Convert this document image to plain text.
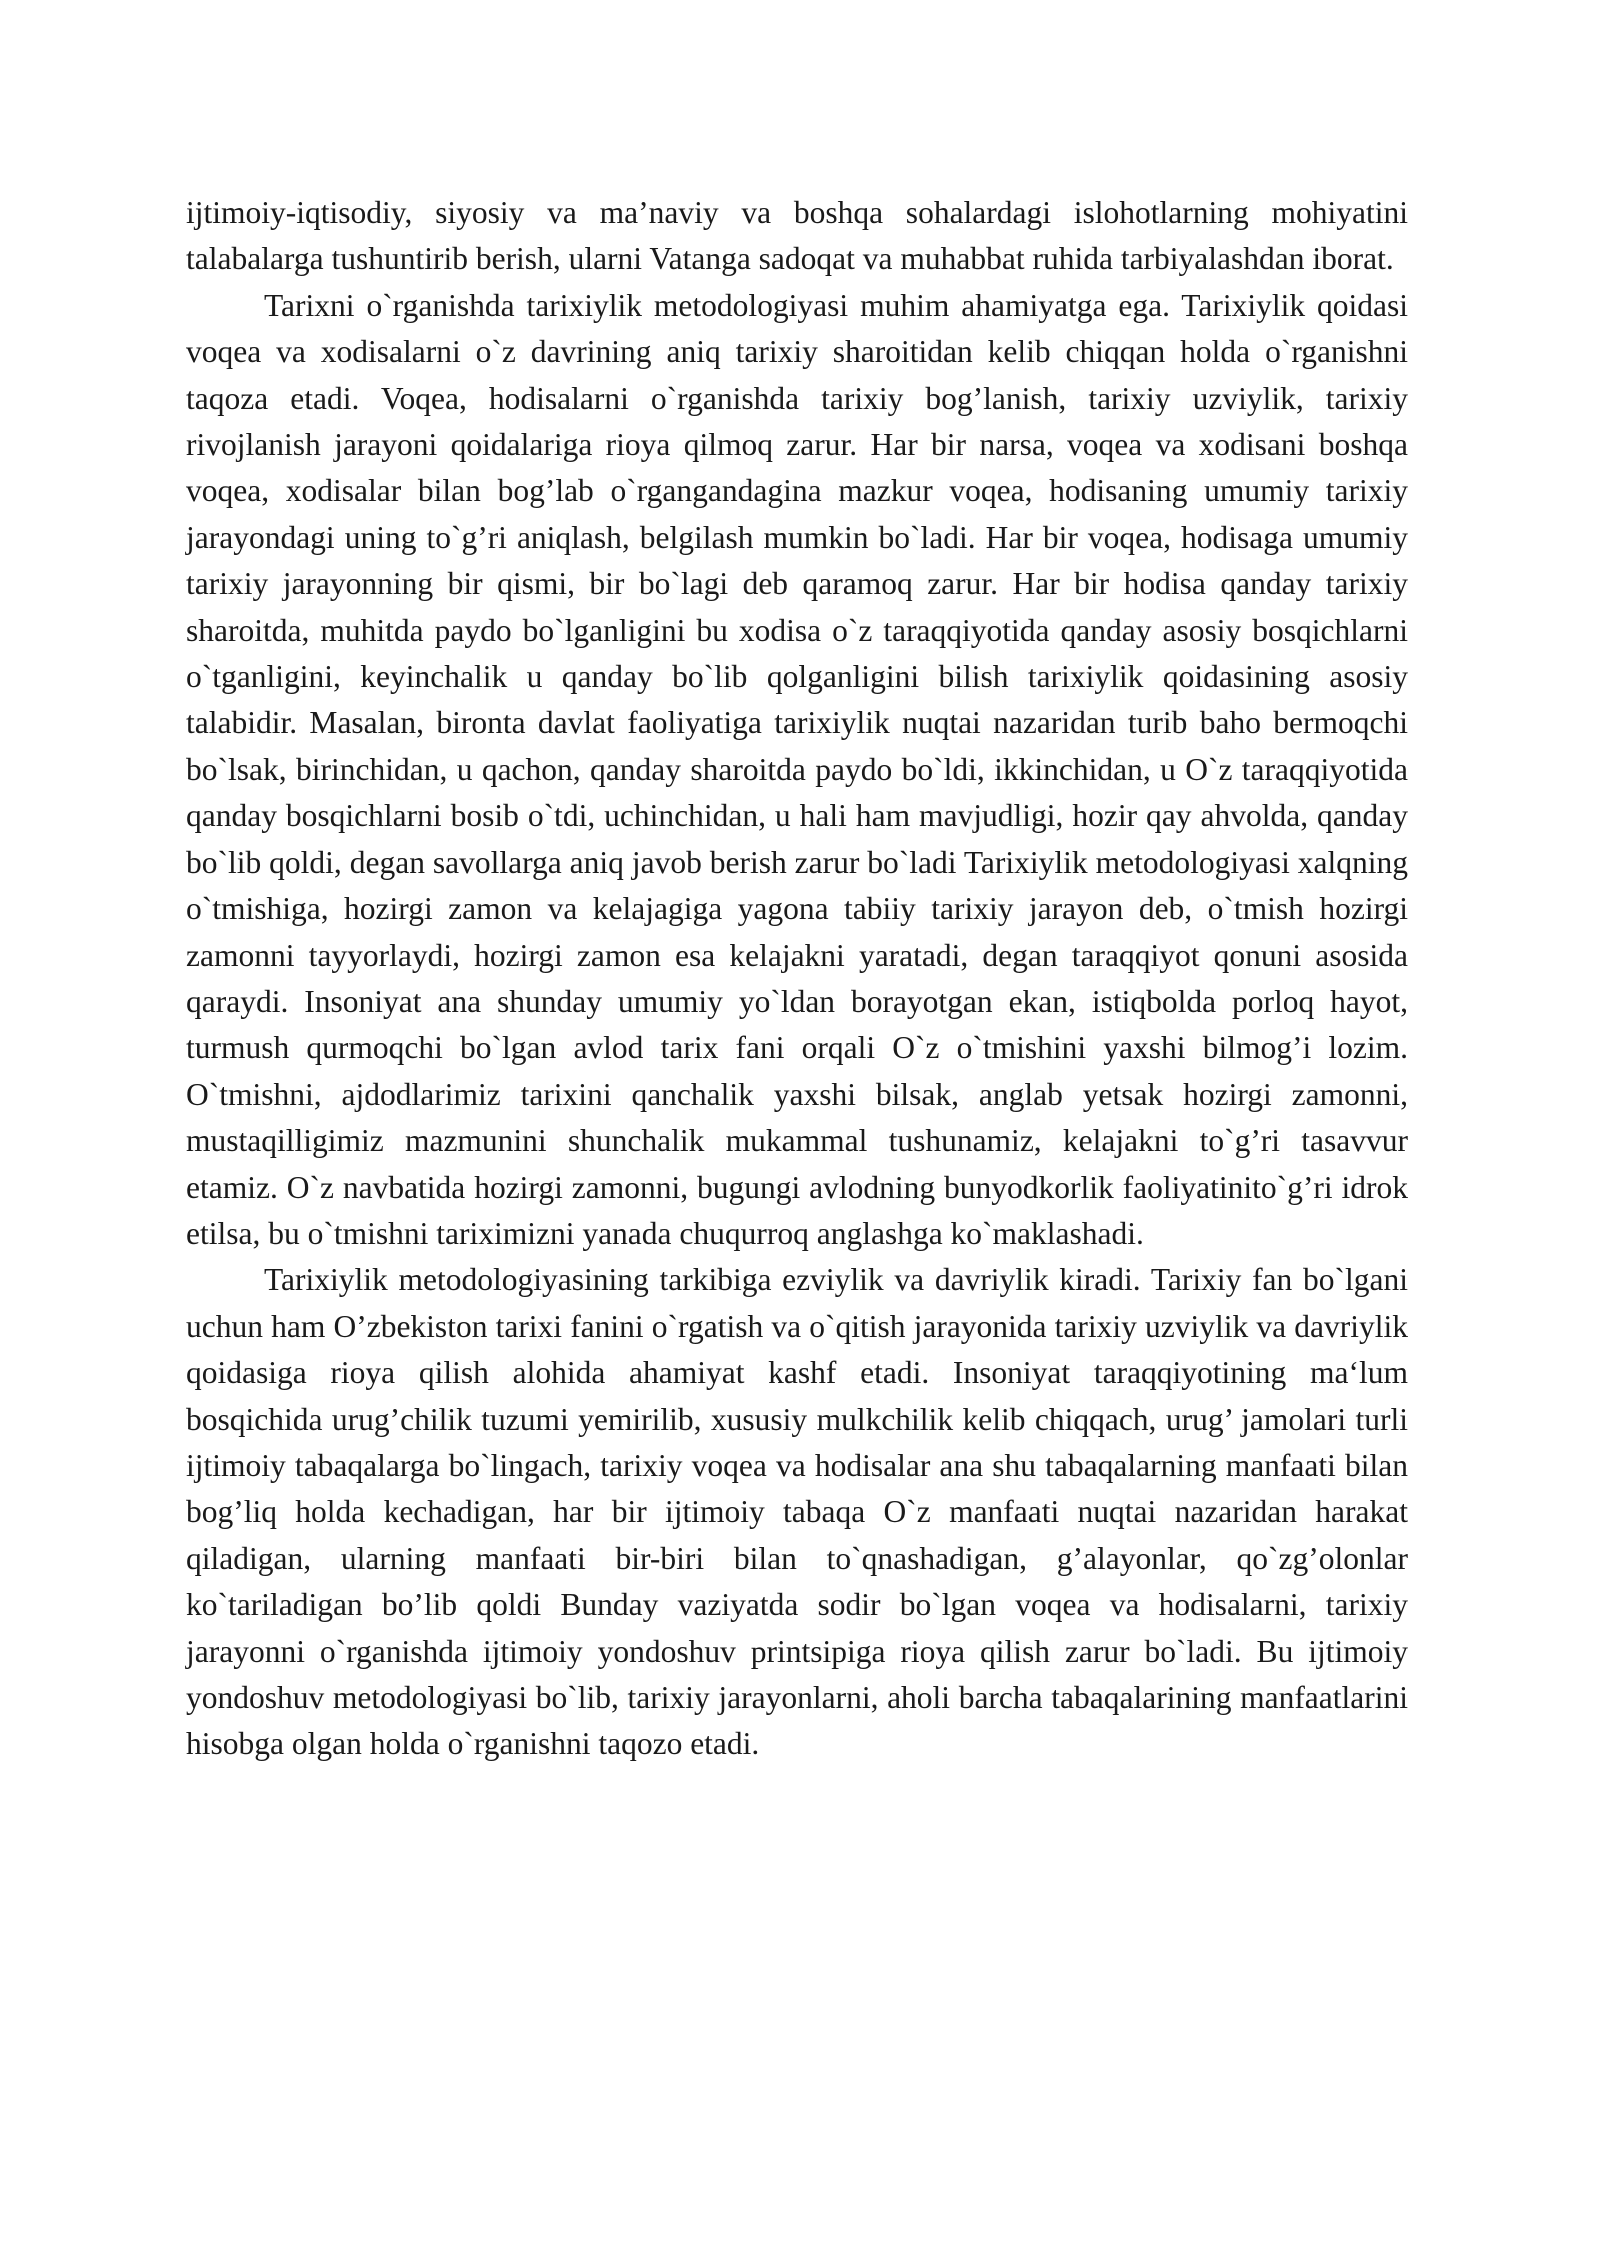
ijtimoiy-iqtisodiy, siyosiy va ma’naviy va boshqa sohalardagi islohotlarning mohiyatini talabalarga tushuntirib berish, ularni Vatanga sadoqat va muhabbat ruhida tarbiyalashdan iborat.

Tarixni o`rganishda tarixiylik metodologiyasi muhim ahamiyatga ega. Tarixiylik qoidasi voqea va xodisalarni o`z davrining aniq tarixiy sharoitidan kelib chiqqan holda o`rganishni taqoza etadi. Voqea, hodisalarni o`rganishda tarixiy bog’lanish, tarixiy uzviylik, tarixiy rivojlanish jarayoni qoidalariga rioya qilmoq zarur. Har bir narsa, voqea va xodisani boshqa voqea, xodisalar bilan bog’lab o`rgangandagina mazkur voqea, hodisaning umumiy tarixiy jarayondagi uning to`g’ri aniqlash, belgilash mumkin bo`ladi. Har bir voqea, hodisaga umumiy tarixiy jarayonning bir qismi, bir bo`lagi deb qaramoq zarur. Har bir hodisa qanday tarixiy sharoitda, muhitda paydo bo`lganligini bu xodisa o`z taraqqiyotida qanday asosiy bosqichlarni o`tganligini, keyinchalik u qanday bo`lib qolganligini bilish tarixiylik qoidasining asosiy talabidir. Masalan, bironta davlat faoliyatiga tarixiylik nuqtai nazaridan turib baho bermoqchi bo`lsak, birinchidan, u qachon, qanday sharoitda paydo bo`ldi, ikkinchidan, u O`z taraqqiyotida qanday bosqichlarni bosib o`tdi, uchinchidan, u hali ham mavjudligi, hozir qay ahvolda, qanday bo`lib qoldi, degan savollarga aniq javob berish zarur bo`ladi Tarixiylik metodologiyasi xalqning o`tmishiga, hozirgi zamon va kelajagiga yagona tabiiy tarixiy jarayon deb, o`tmish hozirgi zamonni tayyorlaydi, hozirgi zamon esa kelajakni yaratadi, degan taraqqiyot qonuni asosida qaraydi. Insoniyat ana shunday umumiy yo`ldan borayotgan ekan, istiqbolda porloq hayot, turmush qurmoqchi bo`lgan avlod tarix fani orqali O`z o`tmishini yaxshi bilmog’i lozim. O`tmishni, ajdodlarimiz tarixini qanchalik yaxshi bilsak, anglab yetsak hozirgi zamonni, mustaqilligimiz mazmunini shunchalik mukammal tushunamiz, kelajakni to`g’ri tasavvur etamiz. O`z navbatida hozirgi zamonni, bugungi avlodning bunyodkorlik faoliyatinito`g’ri idrok etilsa, bu o`tmishni tariximizni yanada chuqurroq anglashga ko`maklashadi.

Tarixiylik metodologiyasining tarkibiga ezviylik va davriylik kiradi. Tarixiy fan bo`lgani uchun ham O’zbekiston tarixi fanini o`rgatish va o`qitish jarayonida tarixiy uzviylik va davriylik qoidasiga rioya qilish alohida ahamiyat kashf etadi. Insoniyat taraqqiyotining ma‘lum bosqichida urug’chilik tuzumi yemirilib, xususiy mulkchilik kelib chiqqach, urug’ jamolari turli ijtimoiy tabaqalarga bo`lingach, tarixiy voqea va hodisalar ana shu tabaqalarning manfaati bilan bog’liq holda kechadigan, har bir ijtimoiy tabaqa O`z manfaati nuqtai nazaridan harakat qiladigan, ularning manfaati bir-biri bilan to`qnashadigan, g’alayonlar, qo`zg’olonlar ko`tariladigan bo’lib qoldi Bunday vaziyatda sodir bo`lgan voqea va hodisalarni, tarixiy jarayonni o`rganishda ijtimoiy yondoshuv printsipiga rioya qilish zarur bo`ladi. Bu ijtimoiy yondoshuv metodologiyasi bo`lib, tarixiy jarayonlarni, aholi barcha tabaqalarining manfaatlarini hisobga olgan holda o`rganishni taqozo etadi.
